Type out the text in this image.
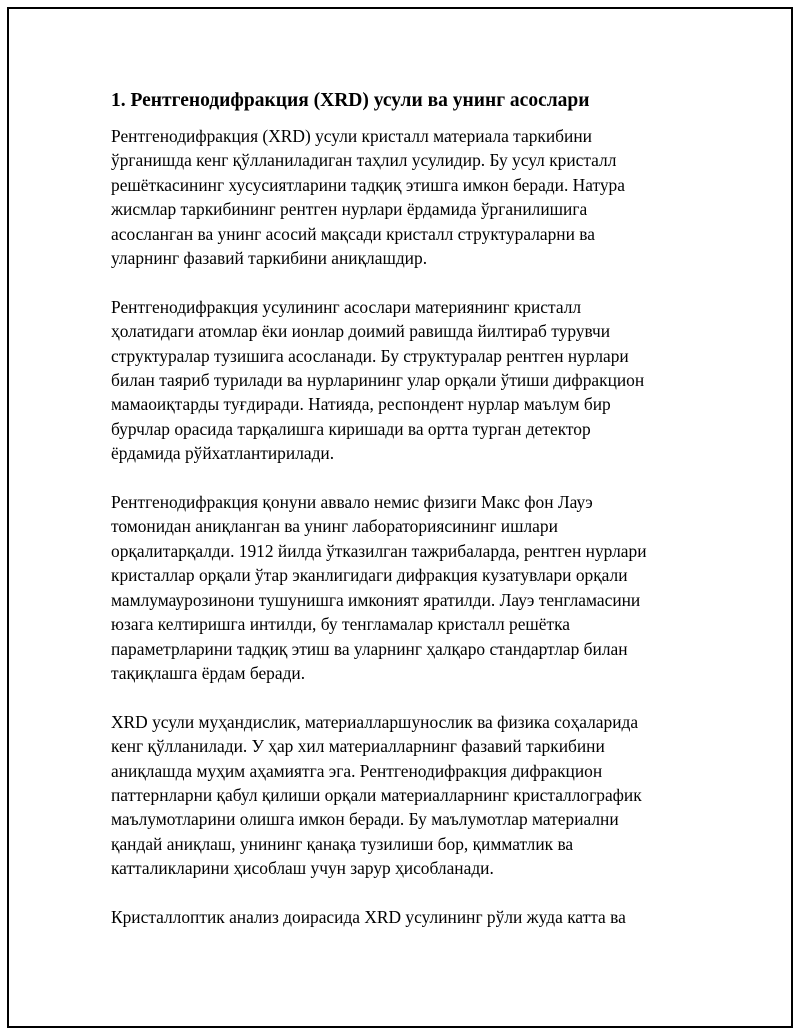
1. Рентгенодифракция (XRD) усули ва унинг асослари

Рентгенодифракция (XRD) усули кристалл материала таркибини
ўрганишда кенг қўлланиладиган таҳлил усулидир. Бу усул кристалл
решёткасининг хусусиятларини тадқиқ этишга имкон беради. Натура
жисмлар таркибининг рентген нурлари ёрдамида ўрганилишига
асосланган ва унинг асосий мақсади кристалл структураларни ва
уларнинг фазавий таркибини аниқлашдир.

Рентгенодифракция усулининг асослари материянинг кристалл
ҳолатидаги атомлар ёки ионлар доимий равишда йилтираб турувчи
структуралар тузишига асосланади. Бу структуралар рентген нурлари
билан таяриб турилади ва нурларининг улар орқали ўтиши дифракцион
мамаоиқтарды туғдиради. Натияда, респондент нурлар маълум бир
бурчлар орасида тарқалишга киришади ва ортта турган детектор
ёрдамида рўйхатлантирилади.

Рентгенодифракция қонуни аввало немис физиги Макс фон Лауэ
томонидан аниқланган ва унинг лабораториясининг ишлари
орқалитарқалди. 1912 йилда ўтказилган тажрибаларда, рентген нурлари
кристаллар орқали ўтар эканлигидаги дифракция кузатувлари орқали
мамлумаурозинони тушунишга имконият яратилди. Лауэ тенгламасини
юзага келтиришга интилди, бу тенгламалар кристалл решётка
параметрларини тадқиқ этиш ва уларнинг ҳалқаро стандартлар билан
тақиқлашга ёрдам беради.

XRD усули муҳандислик, материалларшунослик ва физика соҳаларида
кенг қўлланилади. У ҳар хил материалларнинг фазавий таркибини
аниқлашда муҳим аҳамиятга эга. Рентгенодифракция дифракцион
паттернларни қабул қилиши орқали материалларнинг кристаллографик
маълумотларини олишга имкон беради. Бу маълумотлар материални
қандай аниқлаш, унининг қанақа тузилиши бор, қимматлик ва
катталикларини ҳисоблаш учун зарур ҳисобланади.

Кристаллоптик анализ доирасида XRD усулининг рўли жуда катта ва
